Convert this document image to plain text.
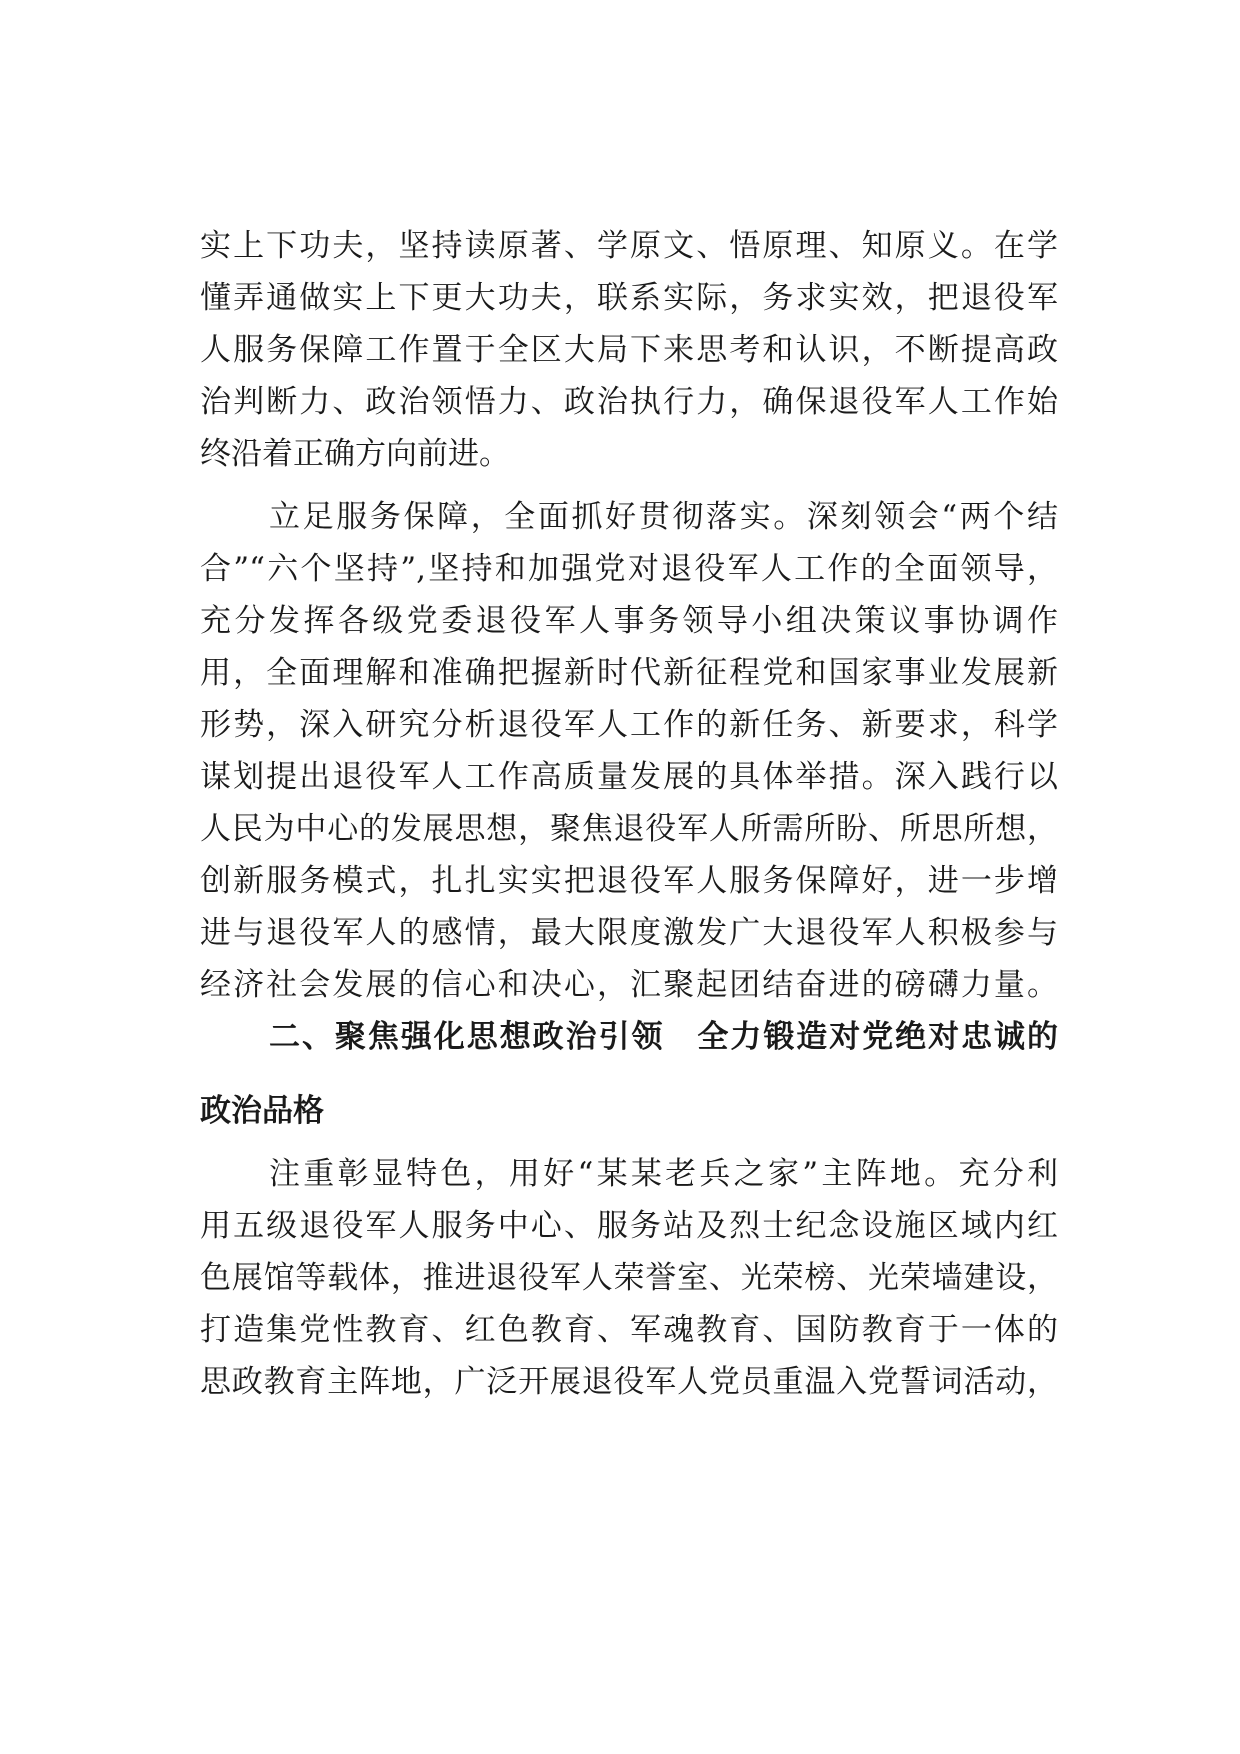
实上下功夫，坚持读原著、学原文、悟原理、知原义。在学
懂弄通做实上下更大功夫，联系实际，务求实效，把退役军
人服务保障工作置于全区大局下来思考和认识，不断提高政
治判断力、政治领悟力、政治执行力，确保退役军人工作始
终沿着正确方向前进。
立足服务保障，全面抓好贯彻落实。深刻领会“两个结
合”“六个坚持”,坚持和加强党对退役军人工作的全面领导，
充分发挥各级党委退役军人事务领导小组决策议事协调作
用，全面理解和准确把握新时代新征程党和国家事业发展新
形势，深入研究分析退役军人工作的新任务、新要求，科学
谋划提出退役军人工作高质量发展的具体举措。深入践行以
人民为中心的发展思想，聚焦退役军人所需所盼、所思所想，
创新服务模式，扎扎实实把退役军人服务保障好，进一步增
进与退役军人的感情，最大限度激发广大退役军人积极参与
经济社会发展的信心和决心，汇聚起团结奋进的磅礴力量。
二、聚焦强化思想政治引领　全力锻造对党绝对忠诚的
政治品格
注重彰显特色，用好“某某老兵之家”主阵地。充分利
用五级退役军人服务中心、服务站及烈士纪念设施区域内红
色展馆等载体，推进退役军人荣誉室、光荣榜、光荣墙建设，
打造集党性教育、红色教育、军魂教育、国防教育于一体的
思政教育主阵地，广泛开展退役军人党员重温入党誓词活动，
